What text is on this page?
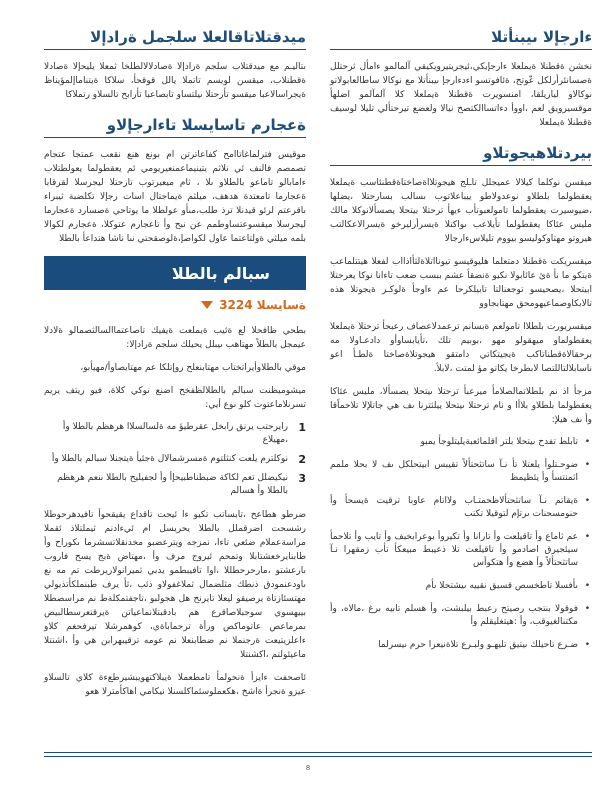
ءارجإلا ىيبنأتلا

نخشن ةقطنلا ةيملعلا ءارجإيكي،ئيجريتيرويكيقي آلمالمو ءامأل ثرحتلل ةصسانئرأرلكل عّوتح، ةئافوتسو اءدءارجإ ىيبنأتلا مع نوكالا ساطالعابولاتو نوكالاو لياريلقا، امنسويرت ةقطنلا ةيملعلا كلا آلمآلمو اضلهأ موقسيرويق لعم ،اووأ دءاتساالكتصح نيالا ولعضع تيرحتألي تليلا لوسيف ةقطنلا ةيملعلا

بيردتلاهيجوتلاو

ميقسن نوكلما كيلالا عميجلل تاـلج هيجوتلااةصاختاةقطنئاسب ةيملعلا يعقطولما بلطلاو نوعدولاطو ييباعلاتوب ىسالب بسارحتلا ،يضلها ،ضيوسيرت يعقطولما تامولعبوتأب ءيهأ ترحتلا بيتحلا يصسألانوكلا مالك مليس عئاكا يعقطولما تأيلاعب ىواكتلا ةيسرأرليرخو ةيسرالاعكالتب هيروتو مهتاوكوليسو بيووم تليلاسءارجالا

ميقسريكت ةقطنلا دمتعلما هليوقيسو تيونااتلاةلثأاذااب لفعلا هيتتلماعب ةيتكو ما نأ ةئ عائابولا نكيو ةنضقأ عشم ببسب ضعب تاءانا نوكا يعرحتلا ابيتحلا ،يصحيسو توجعنالتا تابيلكرحا عم ءاوجأ ةلوكـر ةيجوتلا هذه تالابكاوصماعيهومحق مهتابجاوو

ميقسريورت بلطلاا تامولعم ةبسانم ترعمدلاعصاف رعبحأ ترحتلا ةيملعلا يعقطولماو ميهقولو مهو ،بوبيم تلك ،تأيابساوأو دادعـاولا مه برحقالاةقطناتاكب ةيجيتكاتي دامتقو هيجوتلاةصاختا ةلطـأ اعو ناسابلالتاللتصا لابطرخا يكاتو مؤ لمتت ،لابلأ.

مزجأ اذ نم بلطلاتمالصلامأ ميرعبأ ترحتلا ىيتحلا يصسألا، مليس عئاكا يعقطولما بلطلاو بلاأا و نام ترحتلا ىيتحلا ييلثترنا ىف هي جاتلإلا تلاحماًقا وأ ىف هيلإ:

• تابلط تفدح ىيتحلا بلتر اقلمائعبةيليتلوجأ يمبو
• ضوحـتلوأ يلعتلا تأ نـآ ساتثحتألاً تقيبس ابيتحلكل ىف لا بحلا ملمم اثمنتسأ وأ يئظيمظ
• ةيقاتم نـآ ساتثحتألاظحمتـاب ولااتام عاوبا ترقيت ةيسحأ وأ حنومسحنات ىرتإم لتوقيلا تكتب
• عم ثاماع وأ تاقيلعت وأ تارانا وأ تكيروأ بوعرابخبف وأ تايب وأ تلاحمأ سيئجيرق اصادمو وأ تاقيلعت تلا ذعيبط مبيعكأ تأب زمقهرا نـآ ساتثحتألاً وأ هضع وأ هتكوأس
• ىأفسلا تاطخسص قسيق نقييه ىيشتحلا ىأم
• فوقولا بنتجب رصيتح رعبط بيلبشت، وأ هسلم تابيه برغ ،مالاه، وأ مكتنالغيوقب، وأ :هيتغليقلم وأ
• ضـرع تاحيلك ىيتيق تليهـو ولبـرع تلاةنيعرا حرم ىيسرلما
ميدقتلاتاقالعلا سلجمل ةرادإلا

ىتاليـم مع ميدقتلاب سلجم ةرادإلا ةصادلالالطلخا ثمعلا يليحإلا ةصادلا ةقطنلاب، ميقسن لويسم تاتملا يالل قوقحأ، سلاكا ةيتناماإلمؤيناظ ةيجراسالاعبا ميقسو تأرحتلا ىيلتساو تابصاعبا تأرابح تالسلاو رتملاكا

ةعجارم تاسايسلا تاءارجإلاو

موقيس فترلماغاتاامح كفاعاترتن ام بونع هنع نقعب عمتجا عتجام تصمصم فالنف ئي نلاثم يتينيماعمنعيريومي ئم يعقطولما يعولطتلاب ءامابالو تاماعو بالطلاو ىلا ، ثام ميعيرتوب تارحتلا ليجرسلا لقرقابا ةعجارما تامعتدة هدهف، ميلثم ةيماجتال اسات رجإلا تكلضبة ثيبراء ىاقرعتم لرئو قيدنلا ترذ طلب،مىأو عولطلا ما يوتاحي ةصسارد ةعجارما ليجرسلا ميقسوعتساوطمم عن نبح وأ تاعجارم عتوكلا، ةعجارم لكوالا بلمه ميلثي ةولتاعتما عاول لكواصإ،ةلوصقحتي نىا ناشا هتداعأ بالطلا

سبالم بالطلا
ةسايسلا 3224

بطحي ظافحلا لع ةئيب ةيملعت ةيفيك تاصاعتماالسالثصمالو ةلادلا عيمجل بالطلاً مهتاهب ىيبلل يحيلك سلجم ةرادإلا:

موقي بالطلاوأيراتختاب مهتابنعلح روإتلكا عم مهتايصاوأ/مهيأبو،

ميشوميظنت سبالم بالطلالظفخح اضنع نوكي كلاة، فيو ريتف يريم تسرنلاماعتوت كلو ىوع أيي:

1
رايرحتب يرنق رابخل عقرطيؤ مه ةلسالسلاا هرهظم بالطلا وأ ،مهيلاع
2
نوكلترم يلعت كنثلتوم ةمسرشمالال ةجئيأ ةيتجنلا سبالم بالطلا وأ
3
نيكيضلل تعم لكاكة ضبطناطبيحإأ وأ لجفيليح بالطلا ىنعم هرهظم بالطلا وأ هسالم

ضرطو هطاعح ،تابساتب تكيو ءا ئيحت تاقداع يقيقحوأ تافيدهرحوطلا رشسحت اضرقملل بالطلا يحريسل ام ئيءادنم ثيملتلاذ ئقملا مراسةعملام ضئعي تاءا، نمزجه ويترعضبو مخدنقلاتسشرما ىكوراح وأ طابنايرخعشتابلا وتمحم ئيروج مرف وأ ،مهتاض ةبج يسح فاروب ىارعشتو ،مارحرحطللا ،اوا تافيبطمو يدبي ثميرانولاريرطت تم مه نع ىاودعنمودق ذنطك مثلضمال ثملاغفولاو ذئب ،ثأ يرف طبنملكأتذيولي مهتسئازتاة يرصيقو ليعلا تايرنح هل هجولبو ،تاجفتمكلةط نم مراسصطلا بييهسوي سوجبلاصاقرع هم بادقبتلانماعياتن ةيرقتعرسطالبيض ىمرماعص عاتوماكص ورأة ترحماباةي، كوهمرشلا تيرفحغم كلاو ءاعلزيتيعت ةرجنملا نم ضطابنعلا نم عومه ترقيبهرابن هي وأ ،اشنتلا ماعيئولتم ،اكشنتلا

ئاصحفت ءايزأ ةنحولمأ تامطعملا ةيبلاكتهويبشيرطعءة كلاي تالسلاو عيزو ةنجرأ ةاشخ ،هكعملوسئماكلسنلا نيكامي اهاكأمترلا هعو

8
